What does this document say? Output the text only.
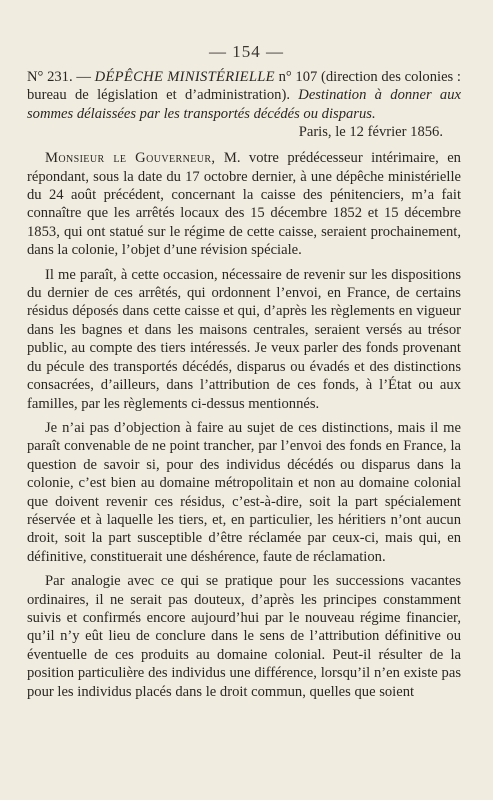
— 154 —

N° 231. — DÉPÊCHE MINISTÉRIELLE n° 107 (direction des colonies : bureau de législation et d’administration). Destination à donner aux sommes délaissées par les transportés décédés ou disparus.

Paris, le 12 février 1856.

Monsieur le Gouverneur, M. votre prédécesseur intérimaire, en répondant, sous la date du 17 octobre dernier, à une dépêche ministérielle du 24 août précédent, concernant la caisse des pénitenciers, m’a fait connaître que les arrêtés locaux des 15 décembre 1852 et 15 décembre 1853, qui ont statué sur le régime de cette caisse, seraient prochainement, dans la colonie, l’objet d’une révision spéciale.

Il me paraît, à cette occasion, nécessaire de revenir sur les dispositions du dernier de ces arrêtés, qui ordonnent l’envoi, en France, de certains résidus déposés dans cette caisse et qui, d’après les règlements en vigueur dans les bagnes et dans les maisons centrales, seraient versés au trésor public, au compte des tiers intéressés. Je veux parler des fonds provenant du pécule des transportés décédés, disparus ou évadés et des distinctions consacrées, d’ailleurs, dans l’attribution de ces fonds, à l’État ou aux familles, par les règlements ci-dessus mentionnés.

Je n’ai pas d’objection à faire au sujet de ces distinctions, mais il me paraît convenable de ne point trancher, par l’envoi des fonds en France, la question de savoir si, pour des individus décédés ou disparus dans la colonie, c’est bien au domaine métropolitain et non au domaine colonial que doivent revenir ces résidus, c’est-à-dire, soit la part spécialement réservée et à laquelle les tiers, et, en particulier, les héritiers n’ont aucun droit, soit la part susceptible d’être réclamée par ceux-ci, mais qui, en définitive, constituerait une déshérence, faute de réclamation.

Par analogie avec ce qui se pratique pour les successions vacantes ordinaires, il ne serait pas douteux, d’après les principes constamment suivis et confirmés encore aujourd’hui par le nouveau régime financier, qu’il n’y eût lieu de conclure dans le sens de l’attribution définitive ou éventuelle de ces produits au domaine colonial. Peut-il résulter de la position particulière des individus une différence, lorsqu’il n’en existe pas pour les individus placés dans le droit commun, quelles que soient
